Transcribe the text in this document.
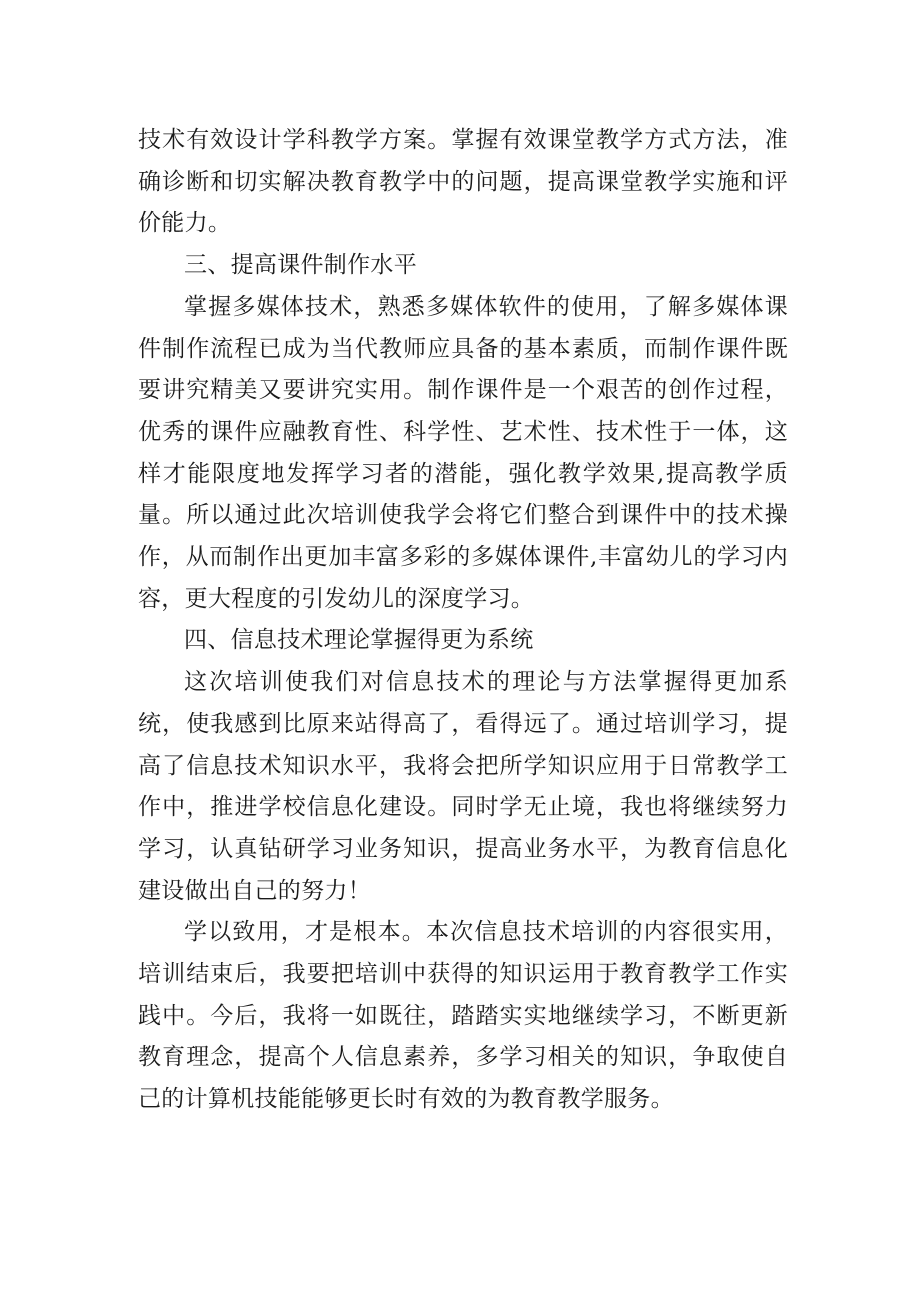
技术有效设计学科教学方案。掌握有效课堂教学方式方法，准确诊断和切实解决教育教学中的问题，提高课堂教学实施和评价能力。

三、提高课件制作水平

掌握多媒体技术，熟悉多媒体软件的使用，了解多媒体课件制作流程已成为当代教师应具备的基本素质，而制作课件既要讲究精美又要讲究实用。制作课件是一个艰苦的创作过程，优秀的课件应融教育性、科学性、艺术性、技术性于一体，这样才能限度地发挥学习者的潜能，强化教学效果,提高教学质量。所以通过此次培训使我学会将它们整合到课件中的技术操作，从而制作出更加丰富多彩的多媒体课件,丰富幼儿的学习内容，更大程度的引发幼儿的深度学习。

四、信息技术理论掌握得更为系统

这次培训使我们对信息技术的理论与方法掌握得更加系统，使我感到比原来站得高了，看得远了。通过培训学习，提高了信息技术知识水平，我将会把所学知识应用于日常教学工作中，推进学校信息化建设。同时学无止境，我也将继续努力学习，认真钻研学习业务知识，提高业务水平，为教育信息化建设做出自己的努力！

学以致用，才是根本。本次信息技术培训的内容很实用，培训结束后，我要把培训中获得的知识运用于教育教学工作实践中。今后，我将一如既往，踏踏实实地继续学习，不断更新教育理念，提高个人信息素养，多学习相关的知识，争取使自己的计算机技能能够更长时有效的为教育教学服务。
